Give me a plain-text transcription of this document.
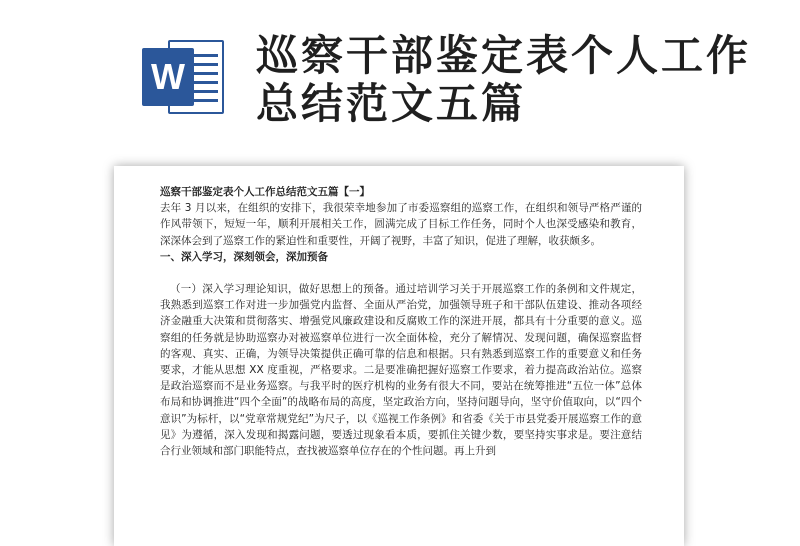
W 巡察干部鉴定表个人工作总结范文五篇

巡察干部鉴定表个人工作总结范文五篇【一】

去年 3 月以来，在组织的安排下，我很荣幸地参加了市委巡察组的巡察工作，在组织和领导严格严谨的作风带领下，短短一年，顺利开展相关工作，圆满完成了目标工作任务，同时个人也深受感染和教育，深深体会到了巡察工作的紧迫性和重要性，开阔了视野，丰富了知识，促进了理解，收获颇多。

一、深入学习，深刻领会，深加预备

（一）深入学习理论知识，做好思想上的预备。通过培训学习关于开展巡察工作的条例和文件规定，我熟悉到巡察工作对进一步加强党内监督、全面从严治党，加强领导班子和干部队伍建设、推动各项经济金融重大决策和贯彻落实、增强党风廉政建设和反腐败工作的深进开展，都具有十分重要的意义。巡察组的任务就是协助巡察办对被巡察单位进行一次全面体检，充分了解情况、发现问题，确保巡察监督的客观、真实、正确，为领导决策提供正确可靠的信息和根据。只有熟悉到巡察工作的重要意义和任务要求，才能从思想 XX 度重视，严格要求。二是要准确把握好巡察工作要求，着力提高政治站位。巡察是政治巡察而不是业务巡察。与我平时的医疗机构的业务有很大不同，要站在统筹推进“五位一体”总体布局和协调推进“四个全面”的战略布局的高度，坚定政治方向，坚持问题导向，坚守价值取向，以“四个意识”为标杆，以“党章常规党纪”为尺子，以《巡视工作条例》和省委《关于市县党委开展巡察工作的意见》为遵循，深入发现和揭露问题，要透过现象看本质，要抓住关键少数，要坚持实事求是。要注意结合行业领域和部门职能特点，查找被巡察单位存在的个性问题。再上升到
